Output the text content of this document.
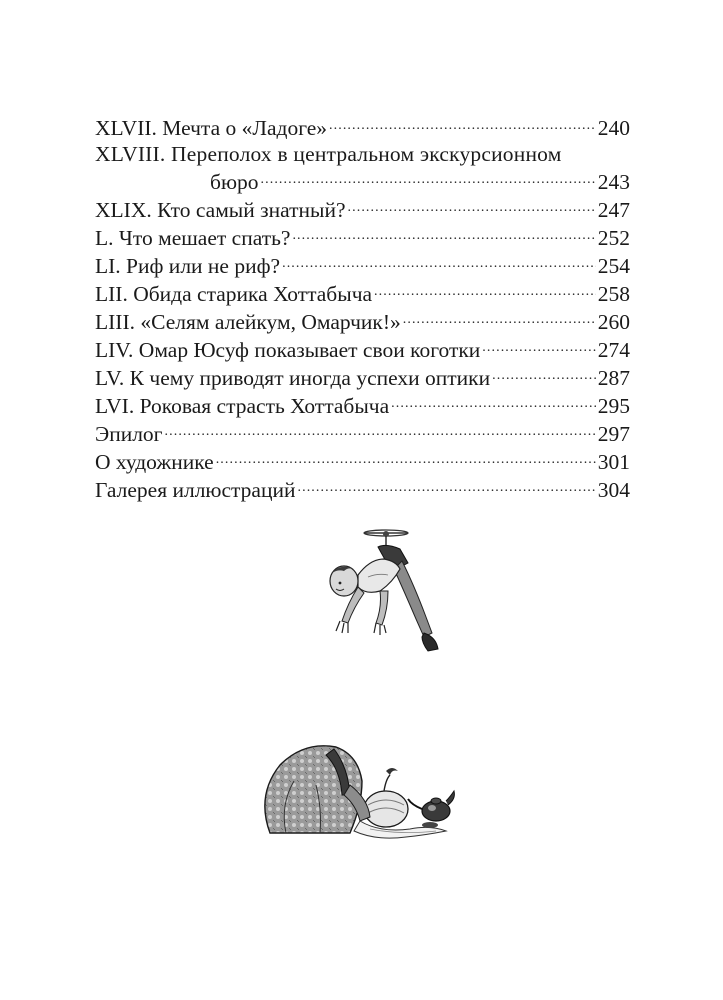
XLVII. Мечта о «Ладоге» . . .	240
XLVIII. Переполох в центральном экскурсионном
бюро . . .	243
XLIX. Кто самый знатный? . . .	247
L. Что мешает спать? . . .	252
LI. Риф или не риф? . . .	254
LII. Обида старика Хоттабыча . . .	258
LIII. «Селям алейкум, Омарчик!» . . .	260
LIV. Омар Юсуф показывает свои коготки . . .	274
LV. К чему приводят иногда успехи оптики . . .	287
LVI. Роковая страсть Хоттабыча . . .	295
Эпилог . . .	297
О художнике . . .	301
Галерея иллюстраций . . .	304
